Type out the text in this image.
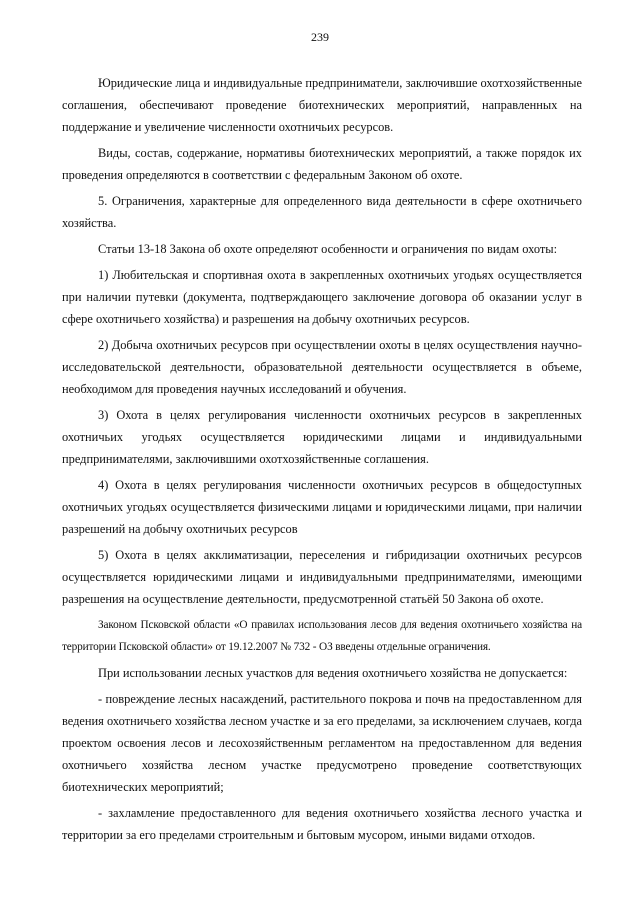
239

Юридические лица и индивидуальные предприниматели, заключившие охотхозяйственные соглашения, обеспечивают проведение биотехнических мероприятий, направленных на поддержание и увеличение численности охотничьих ресурсов.

Виды, состав, содержание, нормативы биотехнических мероприятий, а также порядок их проведения определяются в соответствии с федеральным Законом об охоте.

5. Ограничения, характерные для определенного вида деятельности в сфере охотничьего хозяйства.

Статьи 13-18 Закона об охоте определяют особенности и ограничения по видам охоты:

1) Любительская и спортивная охота в закрепленных охотничьих угодьях осуществляется при наличии путевки (документа, подтверждающего заключение договора об оказании услуг в сфере охотничьего хозяйства) и разрешения на добычу охотничьих ресурсов.

2) Добыча охотничьих ресурсов при осуществлении охоты в целях осуществления научно-исследовательской деятельности, образовательной деятельности осуществляется в объеме, необходимом для проведения научных исследований и обучения.

3) Охота в целях регулирования численности охотничьих ресурсов в закрепленных охотничьих угодьях осуществляется юридическими лицами и индивидуальными предпринимателями, заключившими охотхозяйственные соглашения.

4) Охота в целях регулирования численности охотничьих ресурсов в общедоступных охотничьих угодьях осуществляется физическими лицами и юридическими лицами, при наличии разрешений на добычу охотничьих ресурсов

5) Охота в целях акклиматизации, переселения и гибридизации охотничьих ресурсов осуществляется юридическими лицами и индивидуальными предпринимателями, имеющими разрешения на осуществление деятельности, предусмотренной статьёй 50 Закона об охоте.

Законом Псковской области «О правилах использования лесов для ведения охотничьего хозяйства на территории Псковской области» от 19.12.2007 № 732 - ОЗ введены отдельные ограничения.

При использовании лесных участков для ведения охотничьего хозяйства не допускается:

- повреждение лесных насаждений, растительного покрова и почв на предоставленном для ведения охотничьего хозяйства лесном участке и за его пределами, за исключением случаев, когда проектом освоения лесов и лесохозяйственным регламентом на предоставленном для ведения охотничьего хозяйства лесном участке предусмотрено проведение соответствующих биотехнических мероприятий;

- захламление предоставленного для ведения охотничьего хозяйства лесного участка и территории за его пределами строительным и бытовым мусором, иными видами отходов.
